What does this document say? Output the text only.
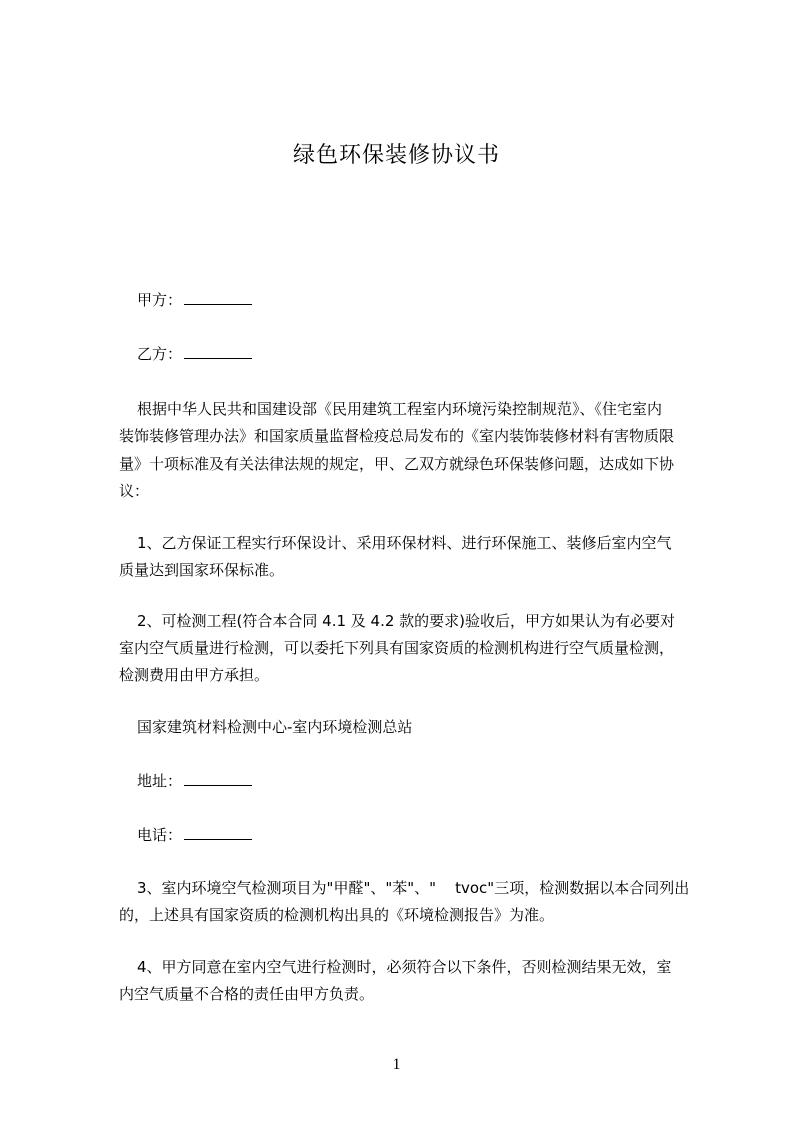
绿色环保装修协议书
甲方：
乙方：
根据中华人民共和国建设部《民用建筑工程室内环境污染控制规范》、《住宅室内
装饰装修管理办法》和国家质量监督检疫总局发布的《室内装饰装修材料有害物质限
量》十项标准及有关法律法规的规定，甲、乙双方就绿色环保装修问题，达成如下协
议：
1、乙方保证工程实行环保设计、采用环保材料、进行环保施工、装修后室内空气
质量达到国家环保标准。
2、可检测工程(符合本合同 4.1 及 4.2 款的要求)验收后，甲方如果认为有必要对
室内空气质量进行检测，可以委托下列具有国家资质的检测机构进行空气质量检测，
检测费用由甲方承担。
国家建筑材料检测中心-室内环境检测总站
地址：
电话：
3、室内环境空气检测项目为"甲醛"、"苯"、"    tvoc"三项，检测数据以本合同列出
的，上述具有国家资质的检测机构出具的《环境检测报告》为准。
4、甲方同意在室内空气进行检测时，必须符合以下条件，否则检测结果无效，室
内空气质量不合格的责任由甲方负责。
1
